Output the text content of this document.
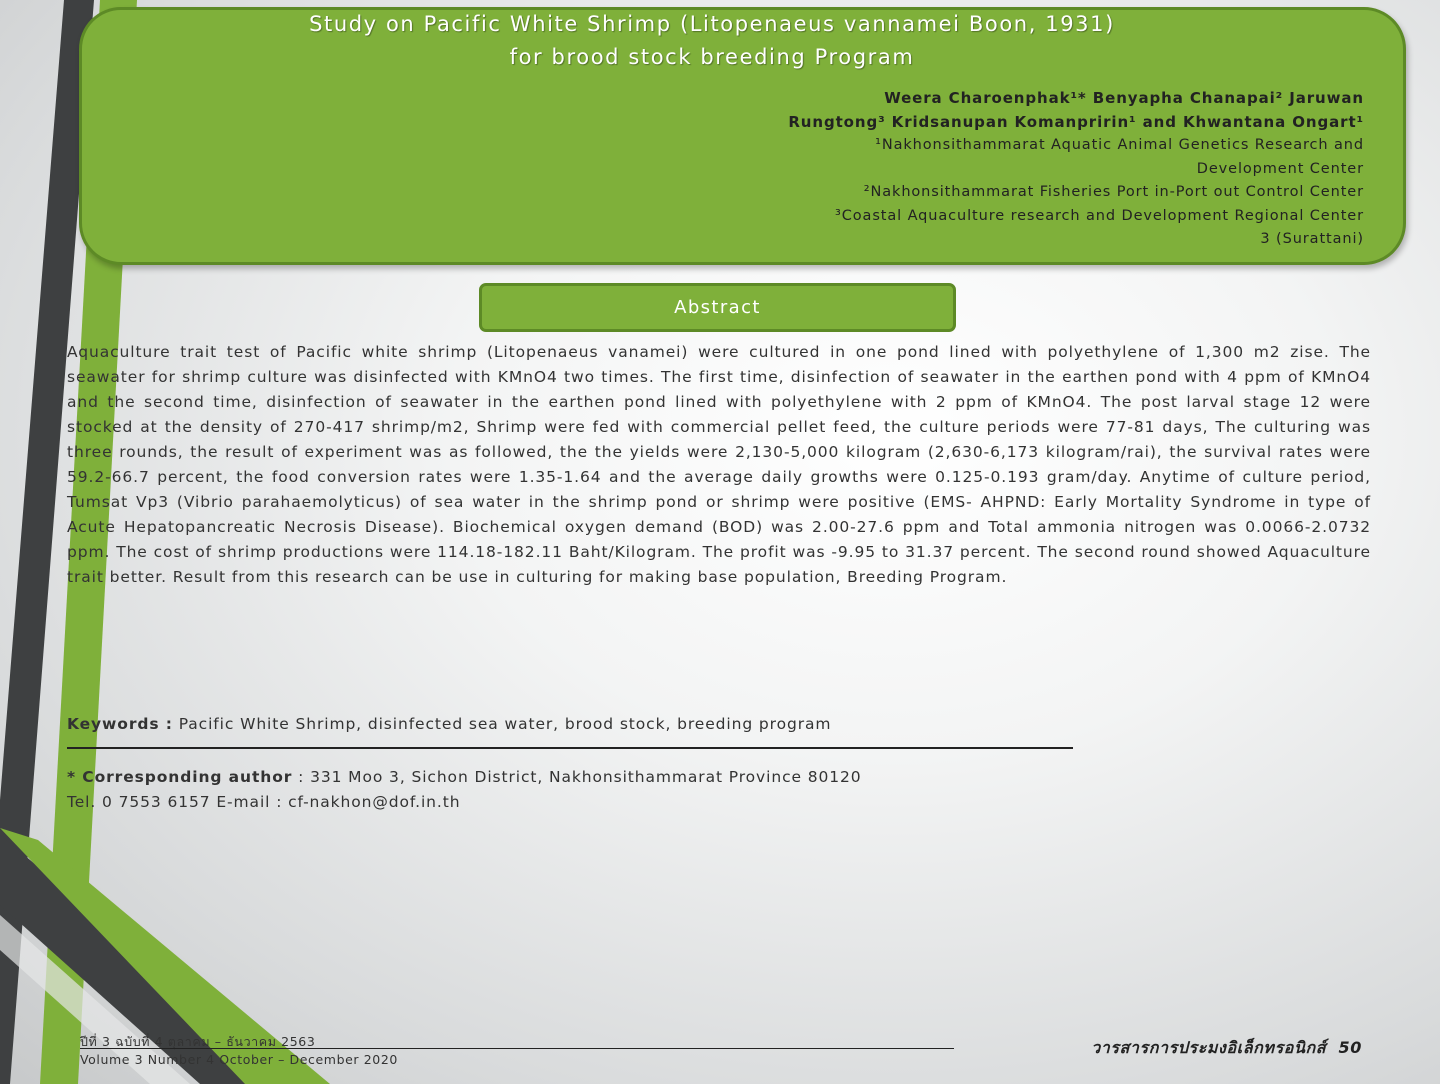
Study on Pacific White Shrimp (Litopenaeus vannamei Boon, 1931)
for brood stock breeding Program
Weera Charoenphak¹* Benyapha Chanapai² Jaruwan
Rungtong³ Kridsanupan Komanpririn¹ and Khwantana Ongart¹
¹Nakhonsithammarat Aquatic Animal Genetics Research and
Development Center
²Nakhonsithammarat Fisheries Port in-Port out Control Center
³Coastal Aquaculture research and Development Regional Center
3 (Surattani)
Abstract

Aquaculture trait test of Pacific white shrimp (Litopenaeus vanamei) were cultured in one pond lined with polyethylene of 1,300 m2 zise. The seawater for shrimp culture was disinfected with KMnO4 two times. The first time, disinfection of seawater in the earthen pond with 4 ppm of KMnO4 and the second time, disinfection of seawater in the earthen pond lined with polyethylene with 2 ppm of KMnO4. The post larval stage 12 were stocked at the density of 270-417 shrimp/m2, Shrimp were fed with commercial pellet feed, the culture periods were 77-81 days, The culturing was three rounds, the result of experiment was as followed, the the yields were 2,130-5,000 kilogram (2,630-6,173 kilogram/rai), the survival rates were 59.2-66.7 percent, the food conversion rates were 1.35-1.64 and the average daily growths were 0.125-0.193 gram/day. Anytime of culture period, Tumsat Vp3 (Vibrio parahaemolyticus) of sea water in the shrimp pond or shrimp were positive (EMS- AHPND: Early Mortality Syndrome in type of Acute Hepatopancreatic Necrosis Disease). Biochemical oxygen demand (BOD) was 2.00-27.6 ppm and Total ammonia nitrogen was 0.0066-2.0732 ppm. The cost of shrimp productions were 114.18-182.11 Baht/Kilogram. The profit was -9.95 to 31.37 percent. The second round showed Aquaculture trait better. Result from this research can be use in culturing for making base population, Breeding Program.

Keywords : Pacific White Shrimp, disinfected sea water, brood stock, breeding program
* Corresponding author : 331 Moo 3, Sichon District, Nakhonsithammarat Province 80120
Tel. 0 7553 6157 E-mail : cf-nakhon@dof.in.th
ปีที่ 3 ฉบับที่ 4 ตุลาคม – ธันวาคม 2563
Volume 3 Number 4 October – December 2020
วารสารการประมงอิเล็กทรอนิกส์ 50
